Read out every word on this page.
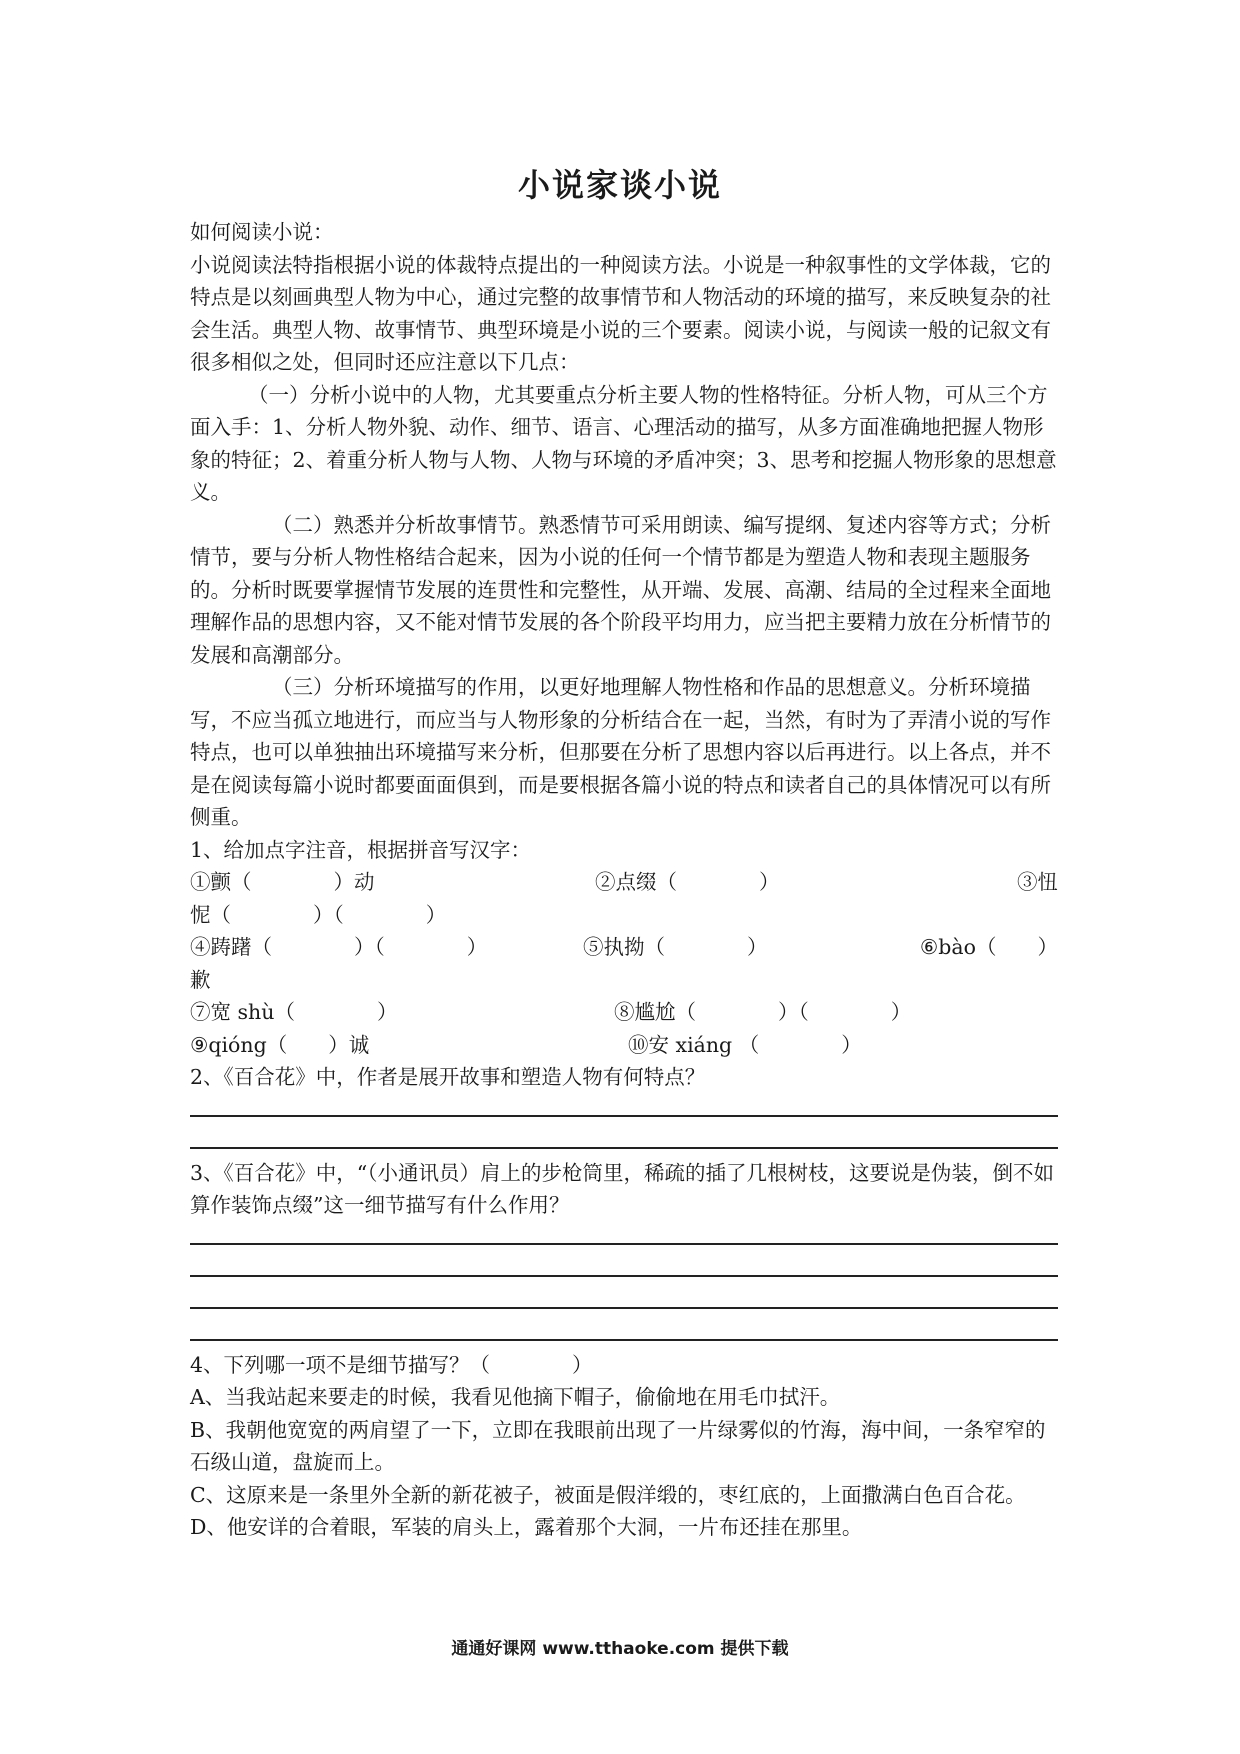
小说家谈小说

如何阅读小说：

小说阅读法特指根据小说的体裁特点提出的一种阅读方法。小说是一种叙事性的文学体裁，它的特点是以刻画典型人物为中心，通过完整的故事情节和人物活动的环境的描写，来反映复杂的社会生活。典型人物、故事情节、典型环境是小说的三个要素。阅读小说，与阅读一般的记叙文有很多相似之处，但同时还应注意以下几点：

（一）分析小说中的人物，尤其要重点分析主要人物的性格特征。分析人物，可从三个方面入手：1、分析人物外貌、动作、细节、语言、心理活动的描写，从多方面准确地把握人物形象的特征；2、着重分析人物与人物、人物与环境的矛盾冲突；3、思考和挖掘人物形象的思想意义。

（二）熟悉并分析故事情节。熟悉情节可采用朗读、编写提纲、复述内容等方式；分析情节，要与分析人物性格结合起来，因为小说的任何一个情节都是为塑造人物和表现主题服务的。分析时既要掌握情节发展的连贯性和完整性，从开端、发展、高潮、结局的全过程来全面地理解作品的思想内容，又不能对情节发展的各个阶段平均用力，应当把主要精力放在分析情节的发展和高潮部分。

（三）分析环境描写的作用，以更好地理解人物性格和作品的思想意义。分析环境描写，不应当孤立地进行，而应当与人物形象的分析结合在一起，当然，有时为了弄清小说的写作特点，也可以单独抽出环境描写来分析，但那要在分析了思想内容以后再进行。以上各点，并不是在阅读每篇小说时都要面面俱到，而是要根据各篇小说的特点和读者自己的具体情况可以有所侧重。

1、给加点字注音，根据拼音写汉字：

①颤（　　　　）动	②点缀（　　　　）	③忸
怩（　　　　）（　　　　）
④踌躇（　　　　）（　　　　）	⑤执拗（　　　　）	⑥bào（　　）
歉
⑦宽 shù（　　　　）	⑧尴尬（　　　　）（　　　　）
⑨qióng（　　）诚	⑩安 xiáng （　　　　）

2、《百合花》中，作者是展开故事和塑造人物有何特点？

3、《百合花》中，“（小通讯员）肩上的步枪筒里，稀疏的插了几根树枝，这要说是伪装，倒不如算作装饰点缀”这一细节描写有什么作用？

4、下列哪一项不是细节描写？（　　　　）

A、当我站起来要走的时候，我看见他摘下帽子，偷偷地在用毛巾拭汗。

B、我朝他宽宽的两肩望了一下，立即在我眼前出现了一片绿雾似的竹海，海中间，一条窄窄的石级山道，盘旋而上。

C、这原来是一条里外全新的新花被子，被面是假洋缎的，枣红底的，上面撒满白色百合花。

D、他安详的合着眼，军装的肩头上，露着那个大洞，一片布还挂在那里。

通通好课网 www.tthaoke.com 提供下载
